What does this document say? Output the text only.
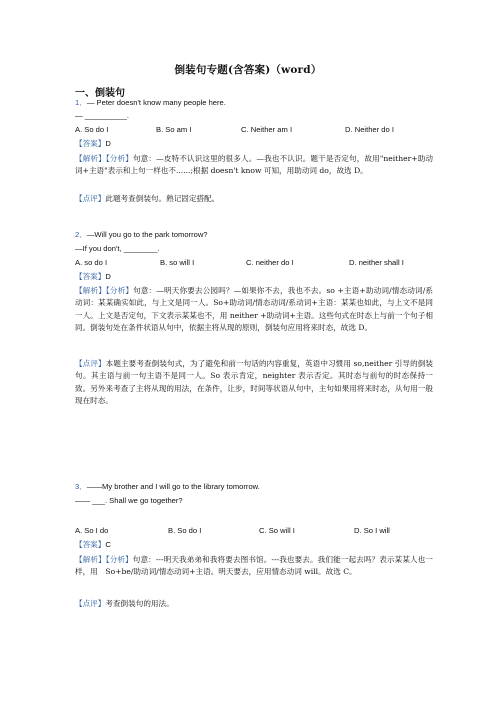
倒装句专题(含答案)（word）
一、倒装句
1．— Peter doesn't know many people here.
— __________.
A. So do I	B. So am I	C. Neither am I	D. Neither do I
【答案】D
【解析】【分析】句意：—皮特不认识这里的很多人。—我也不认识。题干是否定句，故用"neither+助动词+主语"表示和上句一样也不......;根据 doesn't know 可知，用助动词 do，故选 D。
【点评】此题考查倒装句。熟记固定搭配。
2．—Will you go to the park tomorrow?
—If you don't, ________.
A. so do I	B. so will I	C. neither do I	D. neither shall I
【答案】D
【解析】【分析】句意：—明天你要去公园吗？—如果你不去，我也不去。so +主语+助动词/情态动词/系动词：某某确实如此，与上文是同一人。So+助动词/情态动词/系动词+主语：某某也如此，与上文不是同一人。上文是否定句，下文表示某某也不，用 neither +助动词+主语。这些句式在时态上与前一个句子相同。倒装句处在条件状语从句中，依据主将从现的原则，倒装句应用将来时态，故选 D。
【点评】本题主要考查倒装句式，为了避免和前一句话的内容重复，英语中习惯用 so,neither 引导的倒装句。其主语与前一句主语不是同一人。So 表示肯定，neighter 表示否定。其时态与前句的时态保持一致。另外来考查了主将从现的用法，在条件，让步，时间等状语从句中，主句如果用将来时态，从句用一般现在时态。
3．——My brother and I will go to the library tomorrow.
—— ___. Shall we go together?
A. So I do	B. So do I	C. So will I	D. So I will
【答案】C
【解析】【分析】句意：---明天我弟弟和我将要去图书馆。---我也要去。我们能一起去吗？表示某某人也一样，用　So+be/助动词/情态动词+主语。明天要去，应用情态动词 will。故选 C。
【点评】考查倒装句的用法。
